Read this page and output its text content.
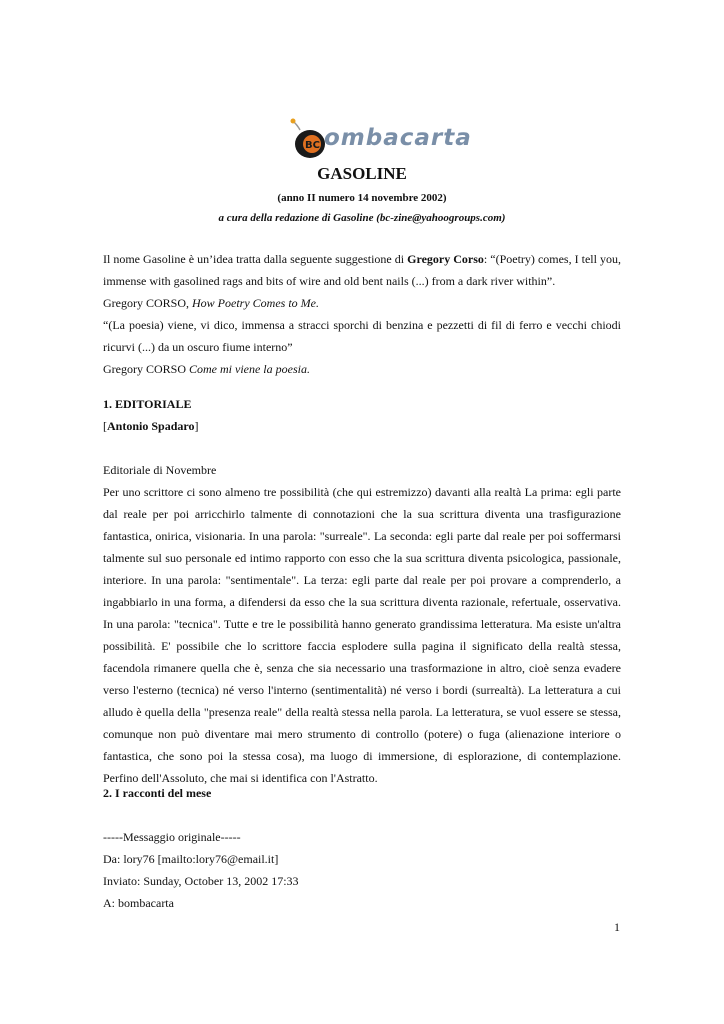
BC ombacarta
GASOLINE
(anno II numero 14 novembre 2002)
a cura della redazione di Gasoline (bc-zine@yahoogroups.com)

Il nome Gasoline è un’idea tratta dalla seguente suggestione di Gregory Corso: “(Poetry) comes, I tell you, immense with gasolined rags and bits of wire and old bent nails (...) from a dark river within”.

Gregory CORSO, How Poetry Comes to Me.

“(La poesia) viene, vi dico, immensa a stracci sporchi di benzina e pezzetti di fil di ferro e vecchi chiodi ricurvi (...) da un oscuro fiume interno”

Gregory CORSO Come mi viene la poesia.

1. EDITORIALE

[Antonio Spadaro]

Editoriale di Novembre

Per uno scrittore ci sono almeno tre possibilità (che qui estremizzo) davanti alla realtà La prima: egli parte dal reale per poi arricchirlo talmente di connotazioni che la sua scrittura diventa una trasfigurazione fantastica, onirica, visionaria. In una parola: "surreale". La seconda: egli parte dal reale per poi soffermarsi talmente sul suo personale ed intimo rapporto con esso che la sua scrittura diventa psicologica, passionale, interiore. In una parola: "sentimentale". La terza: egli parte dal reale per poi provare a comprenderlo, a ingabbiarlo in una forma, a difendersi da esso che la sua scrittura diventa razionale, refertuale, osservativa. In una parola: "tecnica". Tutte e tre le possibilità hanno generato grandissima letteratura. Ma esiste un'altra possibilità. E' possibile che lo scrittore faccia esplodere sulla pagina il significato della realtà stessa, facendola rimanere quella che è, senza che sia necessario una trasformazione in altro, cioè senza evadere verso l'esterno (tecnica) né verso l'interno (sentimentalità) né verso i bordi (surrealtà). La letteratura a cui alludo è quella della "presenza reale" della realtà stessa nella parola. La letteratura, se vuol essere se stessa, comunque non può diventare mai mero strumento di controllo (potere) o fuga (alienazione interiore o fantastica, che sono poi la stessa cosa), ma luogo di immersione, di esplorazione, di contemplazione. Perfino dell'Assoluto, che mai si identifica con l'Astratto.

2. I racconti del mese

-----Messaggio originale-----

Da: lory76 [mailto:lory76@email.it]

Inviato: Sunday, October 13, 2002 17:33

A: bombacarta

1
